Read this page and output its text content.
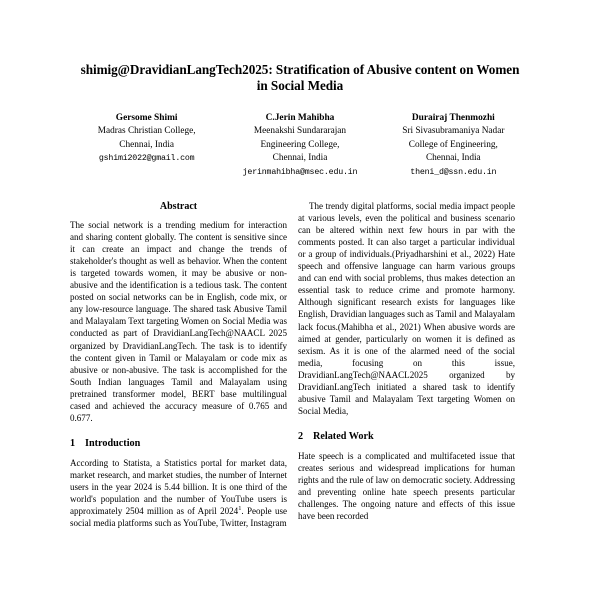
shimig@DravidianLangTech2025: Stratification of Abusive content on Women in Social Media
Gersome Shimi
Madras Christian College,
Chennai, India
gshimi2022@gmail.com
C.Jerin Mahibha
Meenakshi Sundararajan
Engineering College,
Chennai, India
jerinmahibha@msec.edu.in
Durairaj Thenmozhi
Sri Sivasubramaniya Nadar
College of Engineering,
Chennai, India
theni_d@ssn.edu.in
Abstract

The social network is a trending medium for interaction and sharing content globally. The content is sensitive since it can create an impact and change the trends of stakeholder's thought as well as behavior. When the content is targeted towards women, it may be abusive or non-abusive and the identification is a tedious task. The content posted on social networks can be in English, code mix, or any low-resource language. The shared task Abusive Tamil and Malayalam Text targeting Women on Social Media was conducted as part of DravidianLangTech@NAACL 2025 organized by DravidianLangTech. The task is to identify the content given in Tamil or Malayalam or code mix as abusive or non-abusive. The task is accomplished for the South Indian languages Tamil and Malayalam using pretrained transformer model, BERT base multilingual cased and achieved the accuracy measure of 0.765 and 0.677.

1 Introduction

According to Statista, a Statistics portal for market data, market research, and market studies, the number of Internet users in the year 2024 is 5.44 billion. It is one third of the world's population and the number of YouTube users is approximately 2504 million as of April 2024$^1$. People use social media platforms such as YouTube, Twitter, Instagram

The trendy digital platforms, social media impact people at various levels, even the political and business scenario can be altered within next few hours in par with the comments posted. It can also target a particular individual or a group of individuals.(Priyadharshini et al., 2022) Hate speech and offensive language can harm various groups and can end with social problems, thus makes detection an essential task to reduce crime and promote harmony. Although significant research exists for languages like English, Dravidian languages such as Tamil and Malayalam lack focus.(Mahibha et al., 2021) When abusive words are aimed at gender, particularly on women it is defined as sexism. As it is one of the alarmed need of the social media, focusing on this issue, DravidianLangTech@NAACL2025 organized by DravidianLangTech initiated a shared task to identify abusive Tamil and Malayalam Text targeting Women on Social Media,

2 Related Work

Hate speech is a complicated and multifaceted issue that creates serious and widespread implications for human rights and the rule of law on democratic society. Addressing and preventing online hate speech presents particular challenges. The ongoing nature and effects of this issue have been recorded
